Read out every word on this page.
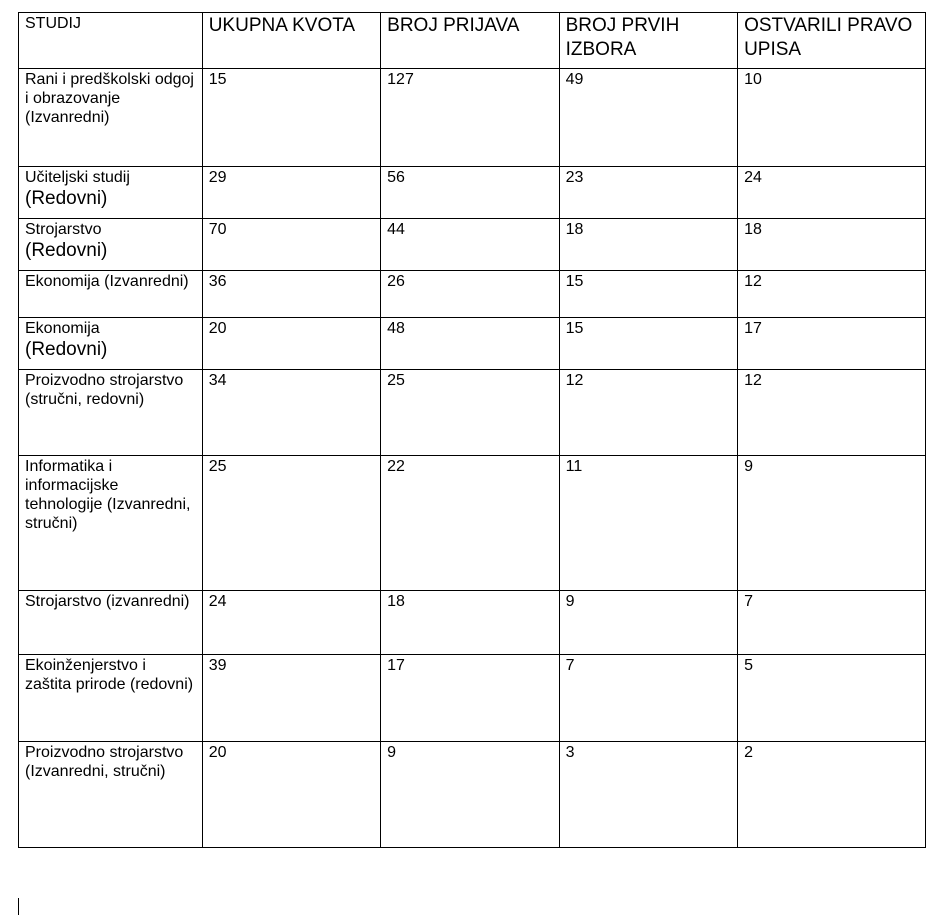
STUDIJ	UKUPNA KVOTA	BROJ PRIJAVA	BROJ PRVIH IZBORA	OSTVARILI PRAVO UPISA

Rani i predškolski odgoj i obrazovanje (Izvanredni)	15	127	49	10

Učiteljski studij
(Redovni)	29	56	23	24

Strojarstvo
(Redovni)	70	44	18	18

Ekonomija (Izvanredni)	36	26	15	12

Ekonomija
(Redovni)	20	48	15	17

Proizvodno strojarstvo (stručni, redovni)	34	25	12	12

Informatika i informacijske tehnologije (Izvanredni, stručni)	25	22	11	9

Strojarstvo (izvanredni)	24	18	9	7

Ekoinženjerstvo i zaštita prirode (redovni)	39	17	7	5

Proizvodno strojarstvo (Izvanredni, stručni)	20	9	3	2
